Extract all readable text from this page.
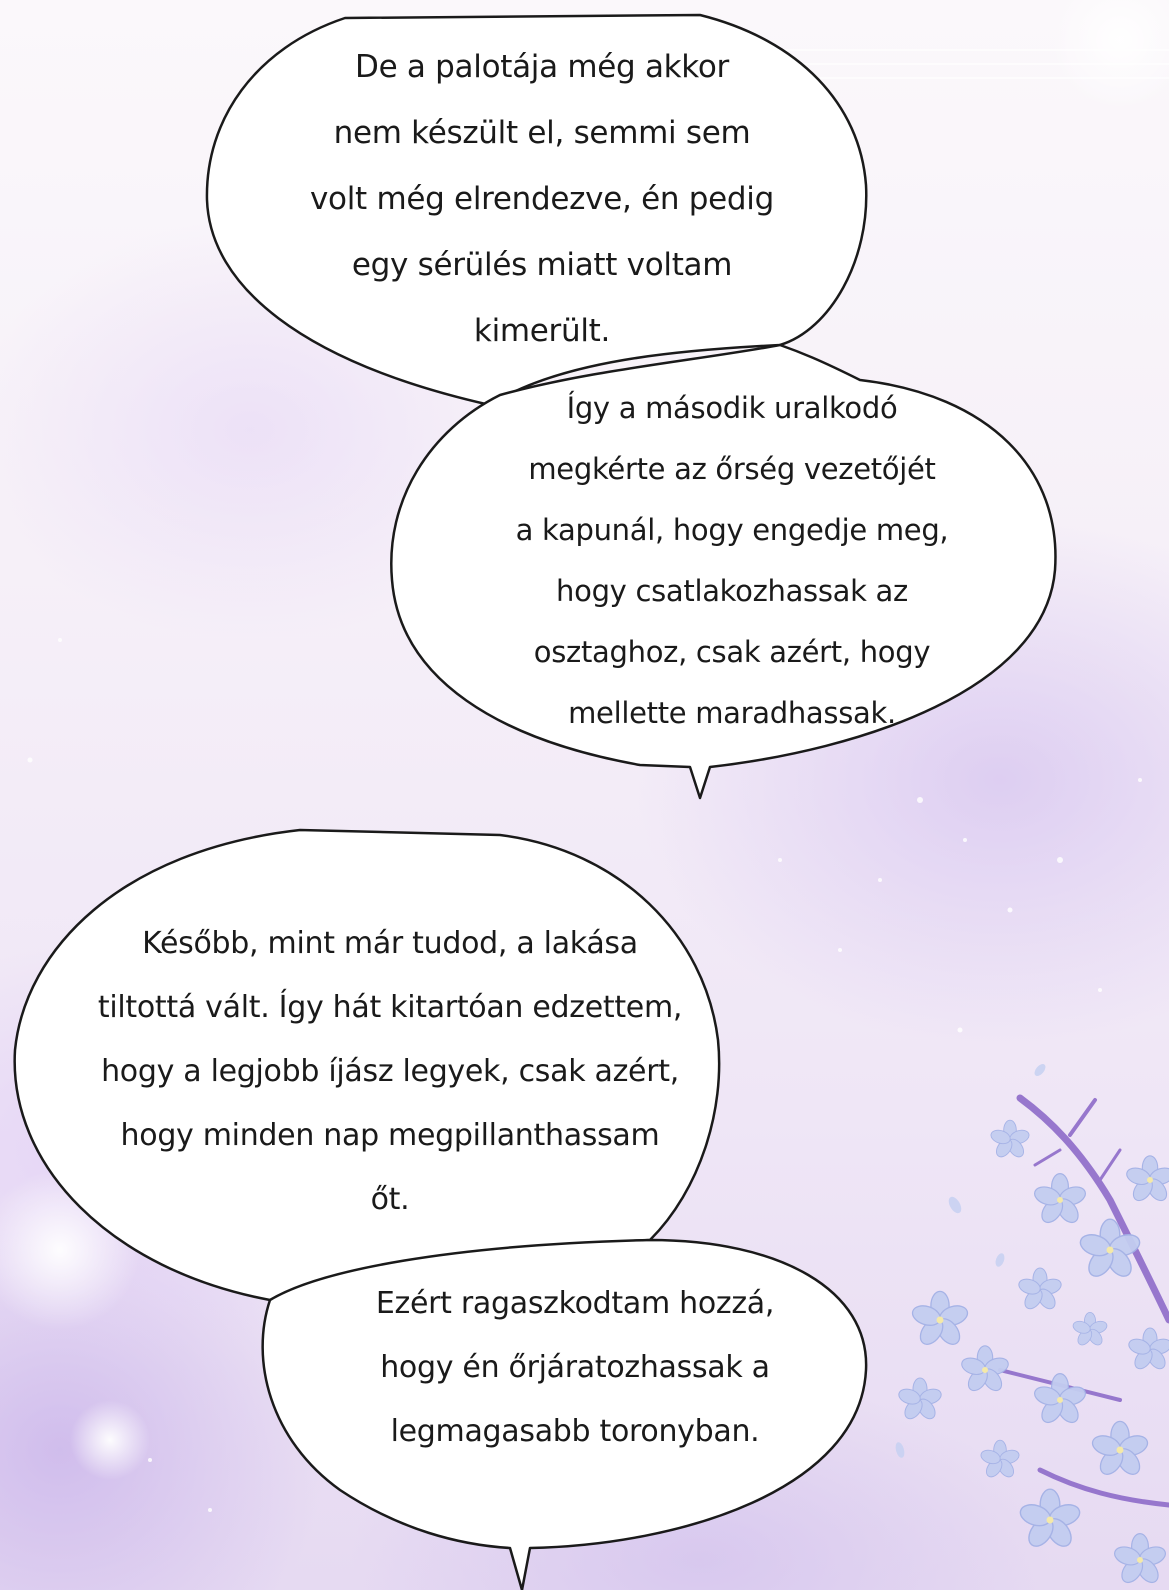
De a palotája még akkor
nem készült el, semmi sem
volt még elrendezve, én pedig
egy sérülés miatt voltam
kimerült.

Így a második uralkodó
megkérte az őrség vezetőjét
a kapunál, hogy engedje meg,
hogy csatlakozhassak az
osztaghoz, csak azért, hogy
mellette maradhassak.

Később, mint már tudod, a lakása
tiltottá vált. Így hát kitartóan edzettem,
hogy a legjobb íjász legyek, csak azért,
hogy minden nap megpillanthassam
őt.

Ezért ragaszkodtam hozzá,
hogy én őrjáratozhassak a
legmagasabb toronyban.
